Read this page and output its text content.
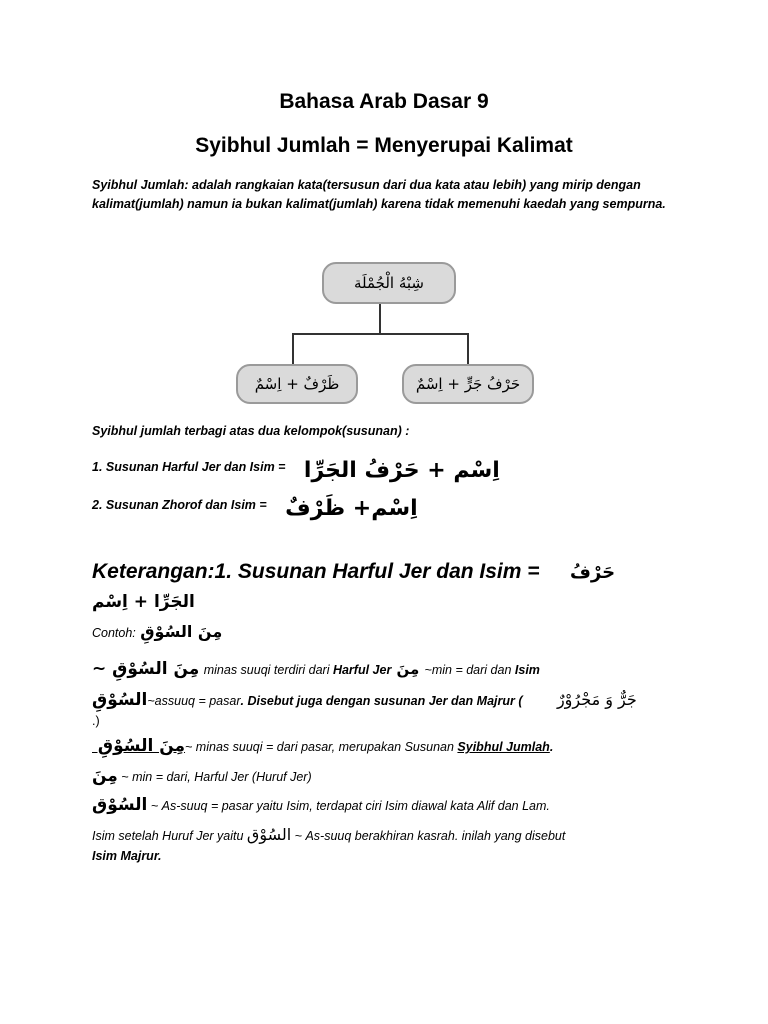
Bahasa Arab Dasar 9
Syibhul Jumlah = Menyerupai Kalimat
Syibhul Jumlah: adalah rangkaian kata(tersusun dari dua kata atau lebih) yang mirip dengan kalimat(jumlah) namun ia bukan kalimat(jumlah) karena tidak memenuhi kaedah yang sempurna.
شِبْهُ الْجُمْلَة
ظَرْفٌ + اِسْمٌ	حَرْفُ جَرٍّ + اِسْمٌ
Syibhul jumlah terbagi atas dua kelompok(susunan) :
$^{1. Susunan Harful Jer dan Isim =}$ اِسْم + حَرْفُ الجَرِّا
$^{2. Susunan Zhorof dan Isim =}$ اِسْم+ ظَرْفٌ
Keterangan:1. Susunan Harful Jer dan Isim = حَرْفُ
الجَرِّا + اِسْم
Contoh: مِنَ السُوْقِ
مِنَ السُوْقِ ~ minas suuqi terdiri dari Harful Jer مِنَ ~min = dari dan Isim
السُوْقِ~assuuq = pasar. Disebut juga dengan susunan Jer dan Majrur ( جَرٌّ وَ مَجْرُوْرٌ
.)
مِنَ السُوْقِ ~ minas suuqi = dari pasar, merupakan Susunan Syibhul Jumlah.
مِنَ ~ min = dari, Harful Jer (Huruf Jer)
السُوْق ~ As-suuq = pasar yaitu Isim, terdapat ciri Isim diawal kata Alif dan Lam.
Isim setelah Huruf Jer yaitu السُوْق ~ As-suuq berakhiran kasrah. inilah yang disebut
Isim Majrur.
